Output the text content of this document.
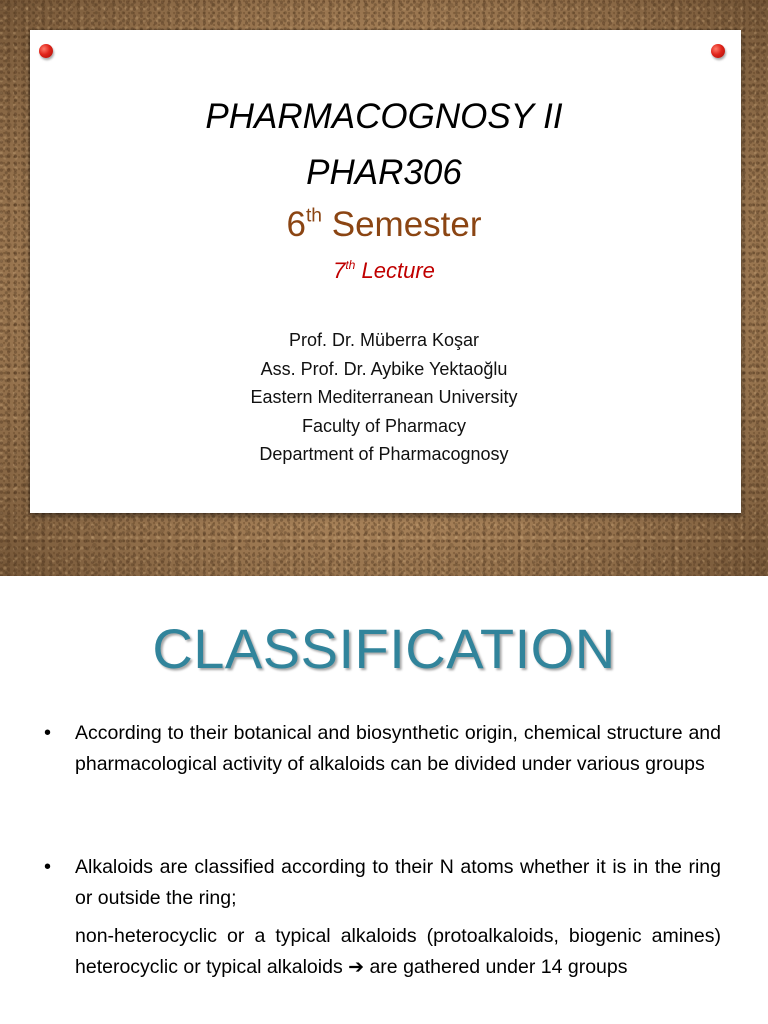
PHARMACOGNOSY II
PHAR306
6th Semester
7th Lecture
Prof. Dr. Müberra Koşar
Ass. Prof. Dr. Aybike Yektaoğlu
Eastern Mediterranean University
Faculty of Pharmacy
Department of Pharmacognosy
CLASSIFICATION
• According to their botanical and biosynthetic origin, chemical structure and pharmacological activity of alkaloids can be divided under various groups
• Alkaloids are classified according to their N atoms whether it is in the ring or outside the ring;
non-heterocyclic or a typical alkaloids (protoalkaloids, biogenic amines) heterocyclic or typical alkaloids ➔ are gathered under 14 groups
